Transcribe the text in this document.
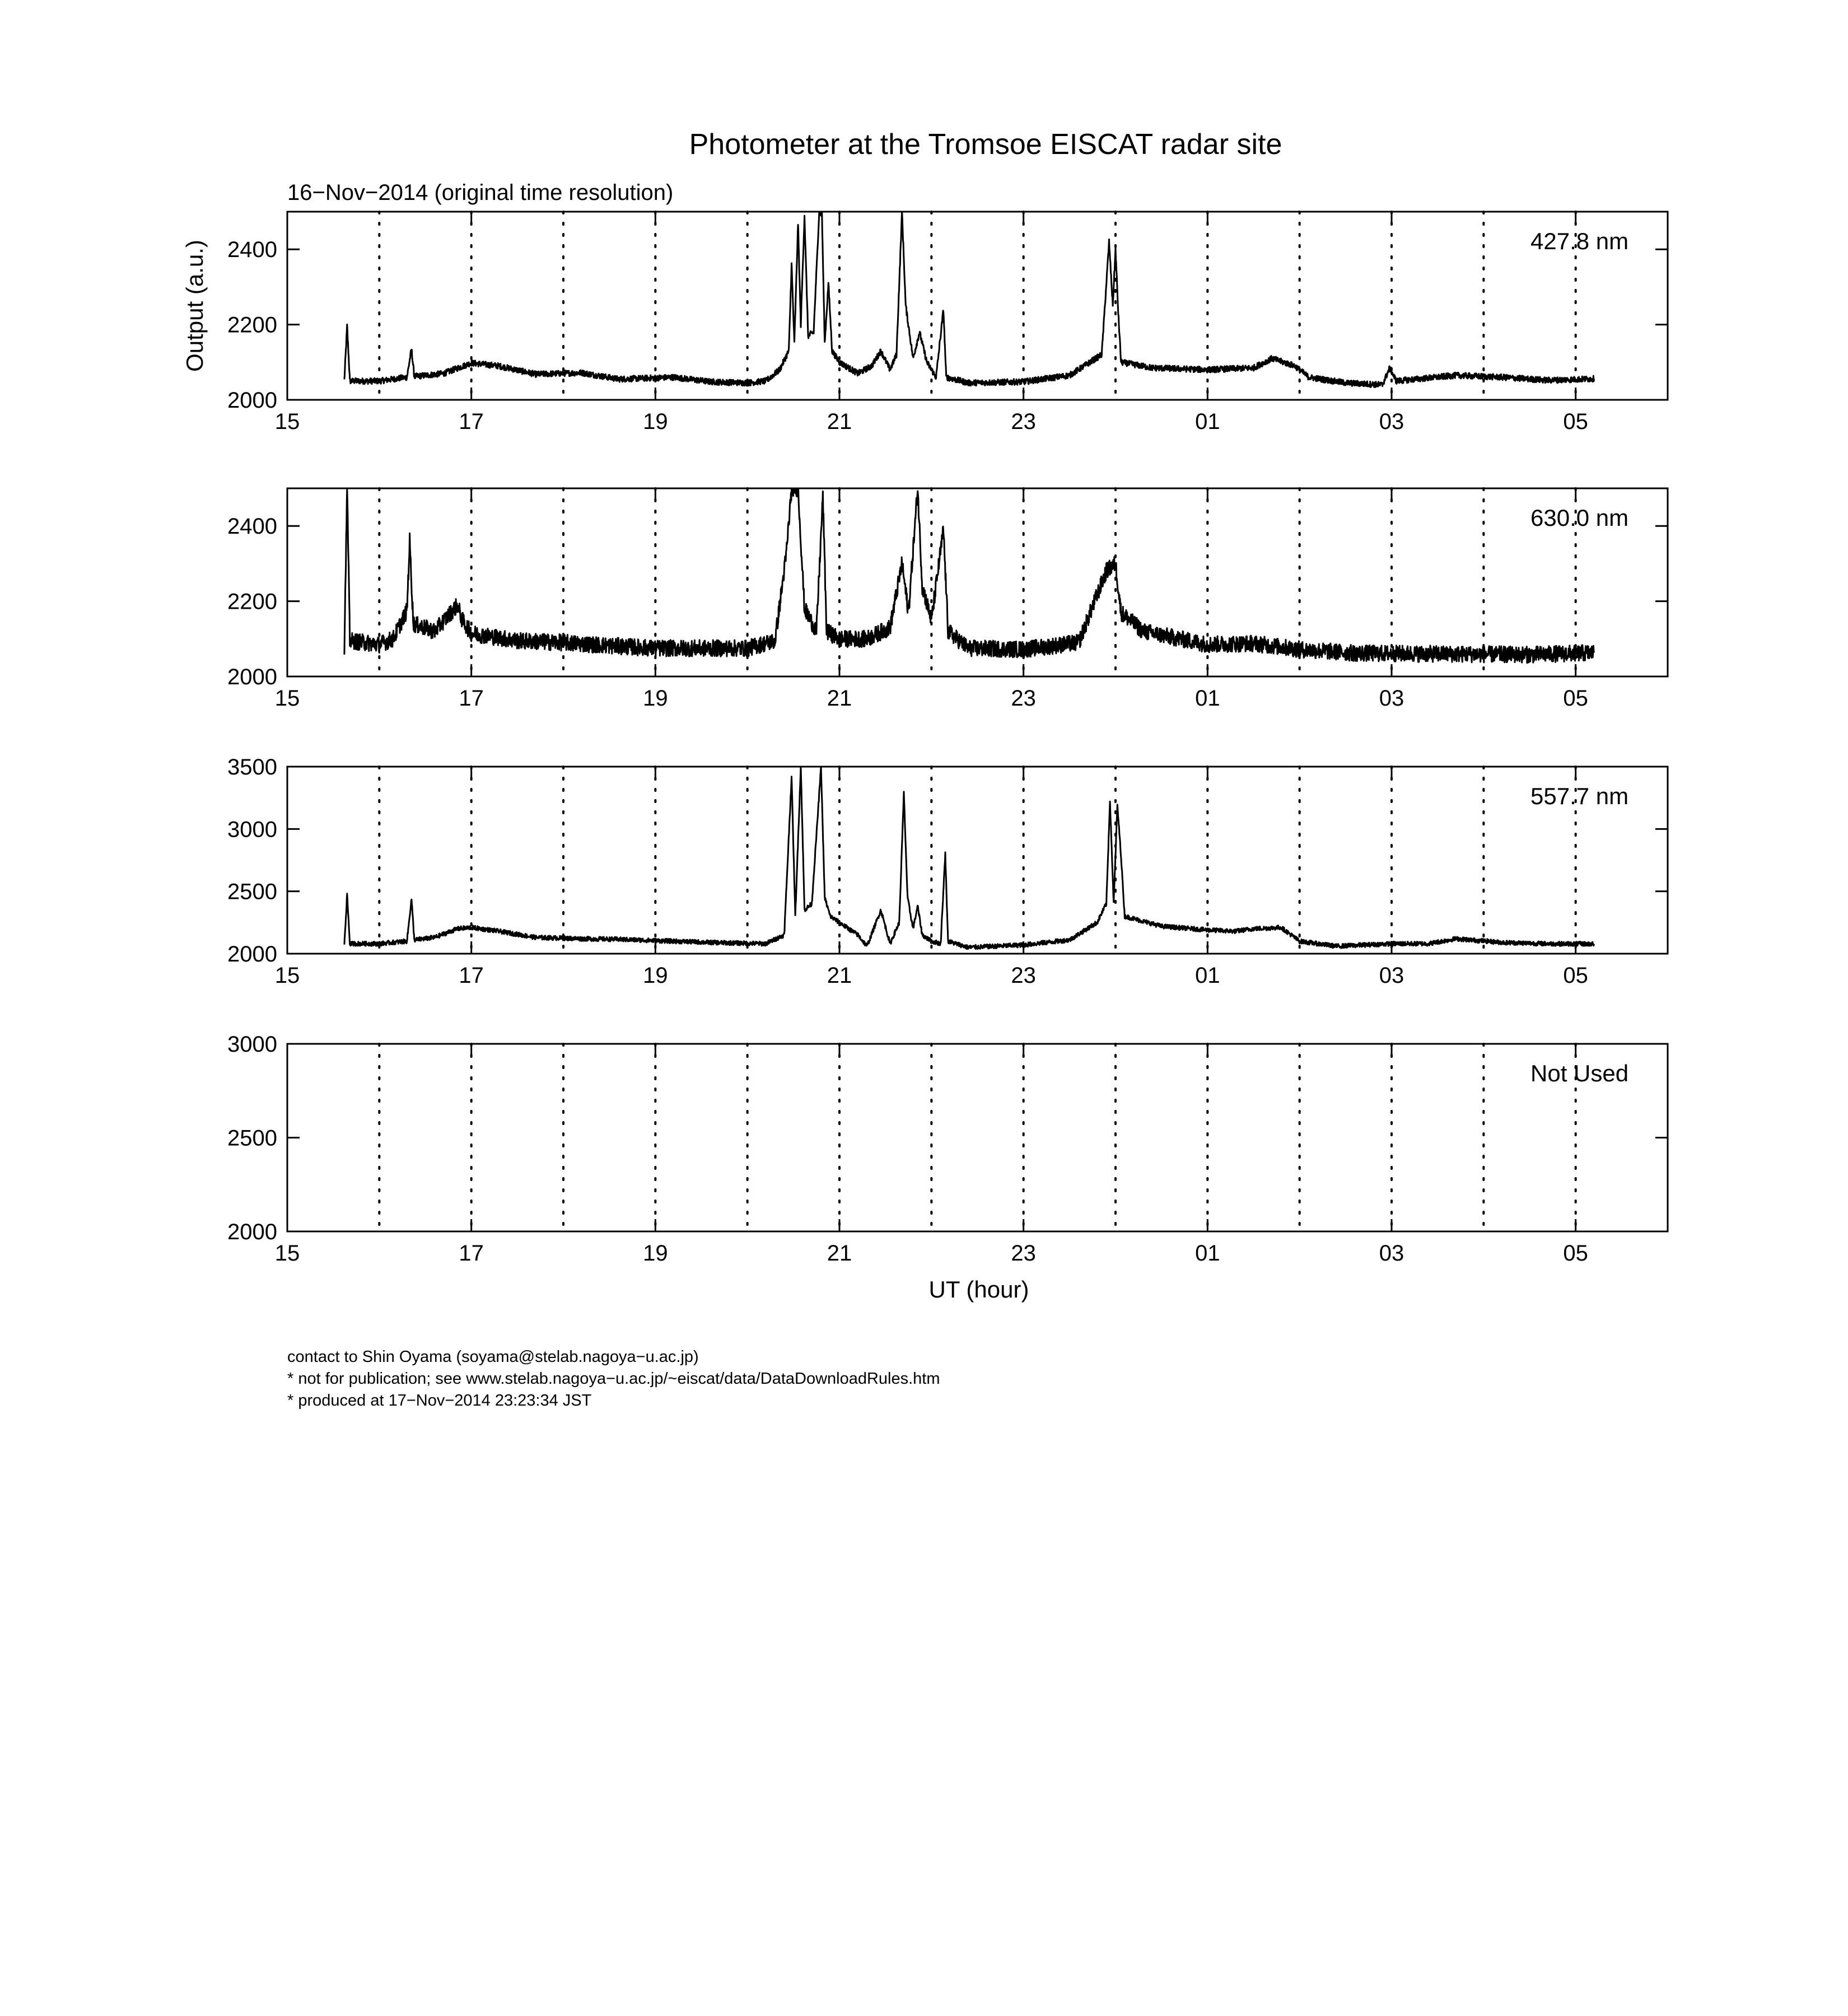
Photometer at the Tromsoe EISCAT radar site
16−Nov−2014 (original time resolution)
Output (a.u.)
UT (hour)
2000
2200
2400
15	17	19	21	23	01	03	05
427.8 nm
2000
2200
2400
15	17	19	21	23	01	03	05
630.0 nm
2000
2500
3000
3500
15	17	19	21	23	01	03	05
557.7 nm
2000
2500
3000
15	17	19	21	23	01	03	05
Not Used
contact to Shin Oyama (soyama@stelab.nagoya−u.ac.jp)
* not for publication; see www.stelab.nagoya−u.ac.jp/~eiscat/data/DataDownloadRules.htm
* produced at 17−Nov−2014 23:23:34 JST
